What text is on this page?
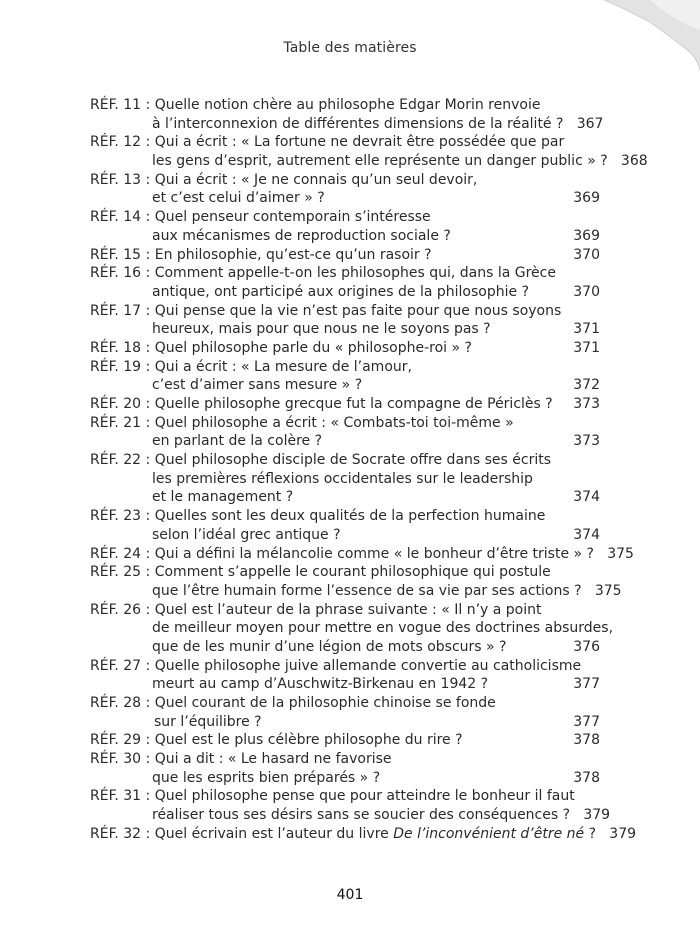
Table des matières
RÉF. 11 : Quelle notion chère au philosophe Edgar Morin renvoie
à l’interconnexion de différentes dimensions de la réalité ? 367
RÉF. 12 : Qui a écrit : « La fortune ne devrait être possédée que par
les gens d’esprit, autrement elle représente un danger public » ? 368
RÉF. 13 : Qui a écrit : « Je ne connais qu’un seul devoir,
et c’est celui d’aimer » ?	369
RÉF. 14 : Quel penseur contemporain s’intéresse
aux mécanismes de reproduction sociale ?	369
RÉF. 15 : En philosophie, qu’est-ce qu’un rasoir ?	370
RÉF. 16 : Comment appelle-t-on les philosophes qui, dans la Grèce
antique, ont participé aux origines de la philosophie ?	370
RÉF. 17 : Qui pense que la vie n’est pas faite pour que nous soyons
heureux, mais pour que nous ne le soyons pas ?	371
RÉF. 18 : Quel philosophe parle du « philosophe-roi » ?	371
RÉF. 19 : Qui a écrit : « La mesure de l’amour,
c’est d’aimer sans mesure » ?	372
RÉF. 20 : Quelle philosophe grecque fut la compagne de Périclès ?	373
RÉF. 21 : Quel philosophe a écrit : « Combats-toi toi-même »
en parlant de la colère ?	373
RÉF. 22 : Quel philosophe disciple de Socrate offre dans ses écrits
les premières réflexions occidentales sur le leadership
et le management ?	374
RÉF. 23 : Quelles sont les deux qualités de la perfection humaine
selon l’idéal grec antique ?	374
RÉF. 24 : Qui a défini la mélancolie comme « le bonheur d’être triste » ? 375
RÉF. 25 : Comment s’appelle le courant philosophique qui postule
que l’être humain forme l’essence de sa vie par ses actions ? 375
RÉF. 26 : Quel est l’auteur de la phrase suivante : « Il n’y a point
de meilleur moyen pour mettre en vogue des doctrines absurdes,
que de les munir d’une légion de mots obscurs » ?	376
RÉF. 27 : Quelle philosophe juive allemande convertie au catholicisme
meurt au camp d’Auschwitz-Birkenau en 1942 ?	377
RÉF. 28 : Quel courant de la philosophie chinoise se fonde
sur l’équilibre ?	377
RÉF. 29 : Quel est le plus célèbre philosophe du rire ?	378
RÉF. 30 : Qui a dit : « Le hasard ne favorise
que les esprits bien préparés » ?	378
RÉF. 31 : Quel philosophe pense que pour atteindre le bonheur il faut
réaliser tous ses désirs sans se soucier des conséquences ? 379
RÉF. 32 : Quel écrivain est l’auteur du livre De l’inconvénient d’être né ? 379
401
